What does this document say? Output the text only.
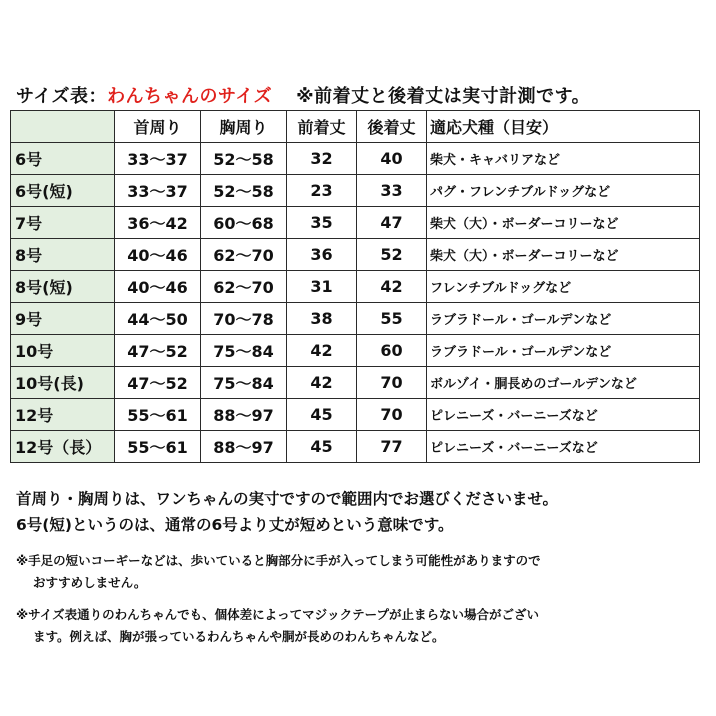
サイズ表：わんちゃんのサイズ ※前着丈と後着丈は実寸計測です。
	首周り	胸周り	前着丈	後着丈	適応犬種（目安）
6号	33〜37	52〜58	32	40	柴犬・キャバリアなど
6号(短)	33〜37	52〜58	23	33	パグ・フレンチブルドッグなど
7号	36〜42	60〜68	35	47	柴犬（大）・ボーダーコリーなど
8号	40〜46	62〜70	36	52	柴犬（大）・ボーダーコリーなど
8号(短)	40〜46	62〜70	31	42	フレンチブルドッグなど
9号	44〜50	70〜78	38	55	ラブラドール・ゴールデンなど
10号	47〜52	75〜84	42	60	ラブラドール・ゴールデンなど
10号(長)	47〜52	75〜84	42	70	ボルゾイ・胴長めのゴールデンなど
12号	55〜61	88〜97	45	70	ピレニーズ・バーニーズなど
12号（長）	55〜61	88〜97	45	77	ピレニーズ・バーニーズなど

首周り・胸周りは、ワンちゃんの実寸ですので範囲内でお選びくださいませ。

6号(短)というのは、通常の6号より丈が短めという意味です。

※手足の短いコーギーなどは、歩いていると胸部分に手が入ってしまう可能性がありますので
おすすめしません。

※サイズ表通りのわんちゃんでも、個体差によってマジックテープが止まらない場合がござい
ます。例えば、胸が張っているわんちゃんや胴が長めのわんちゃんなど。
